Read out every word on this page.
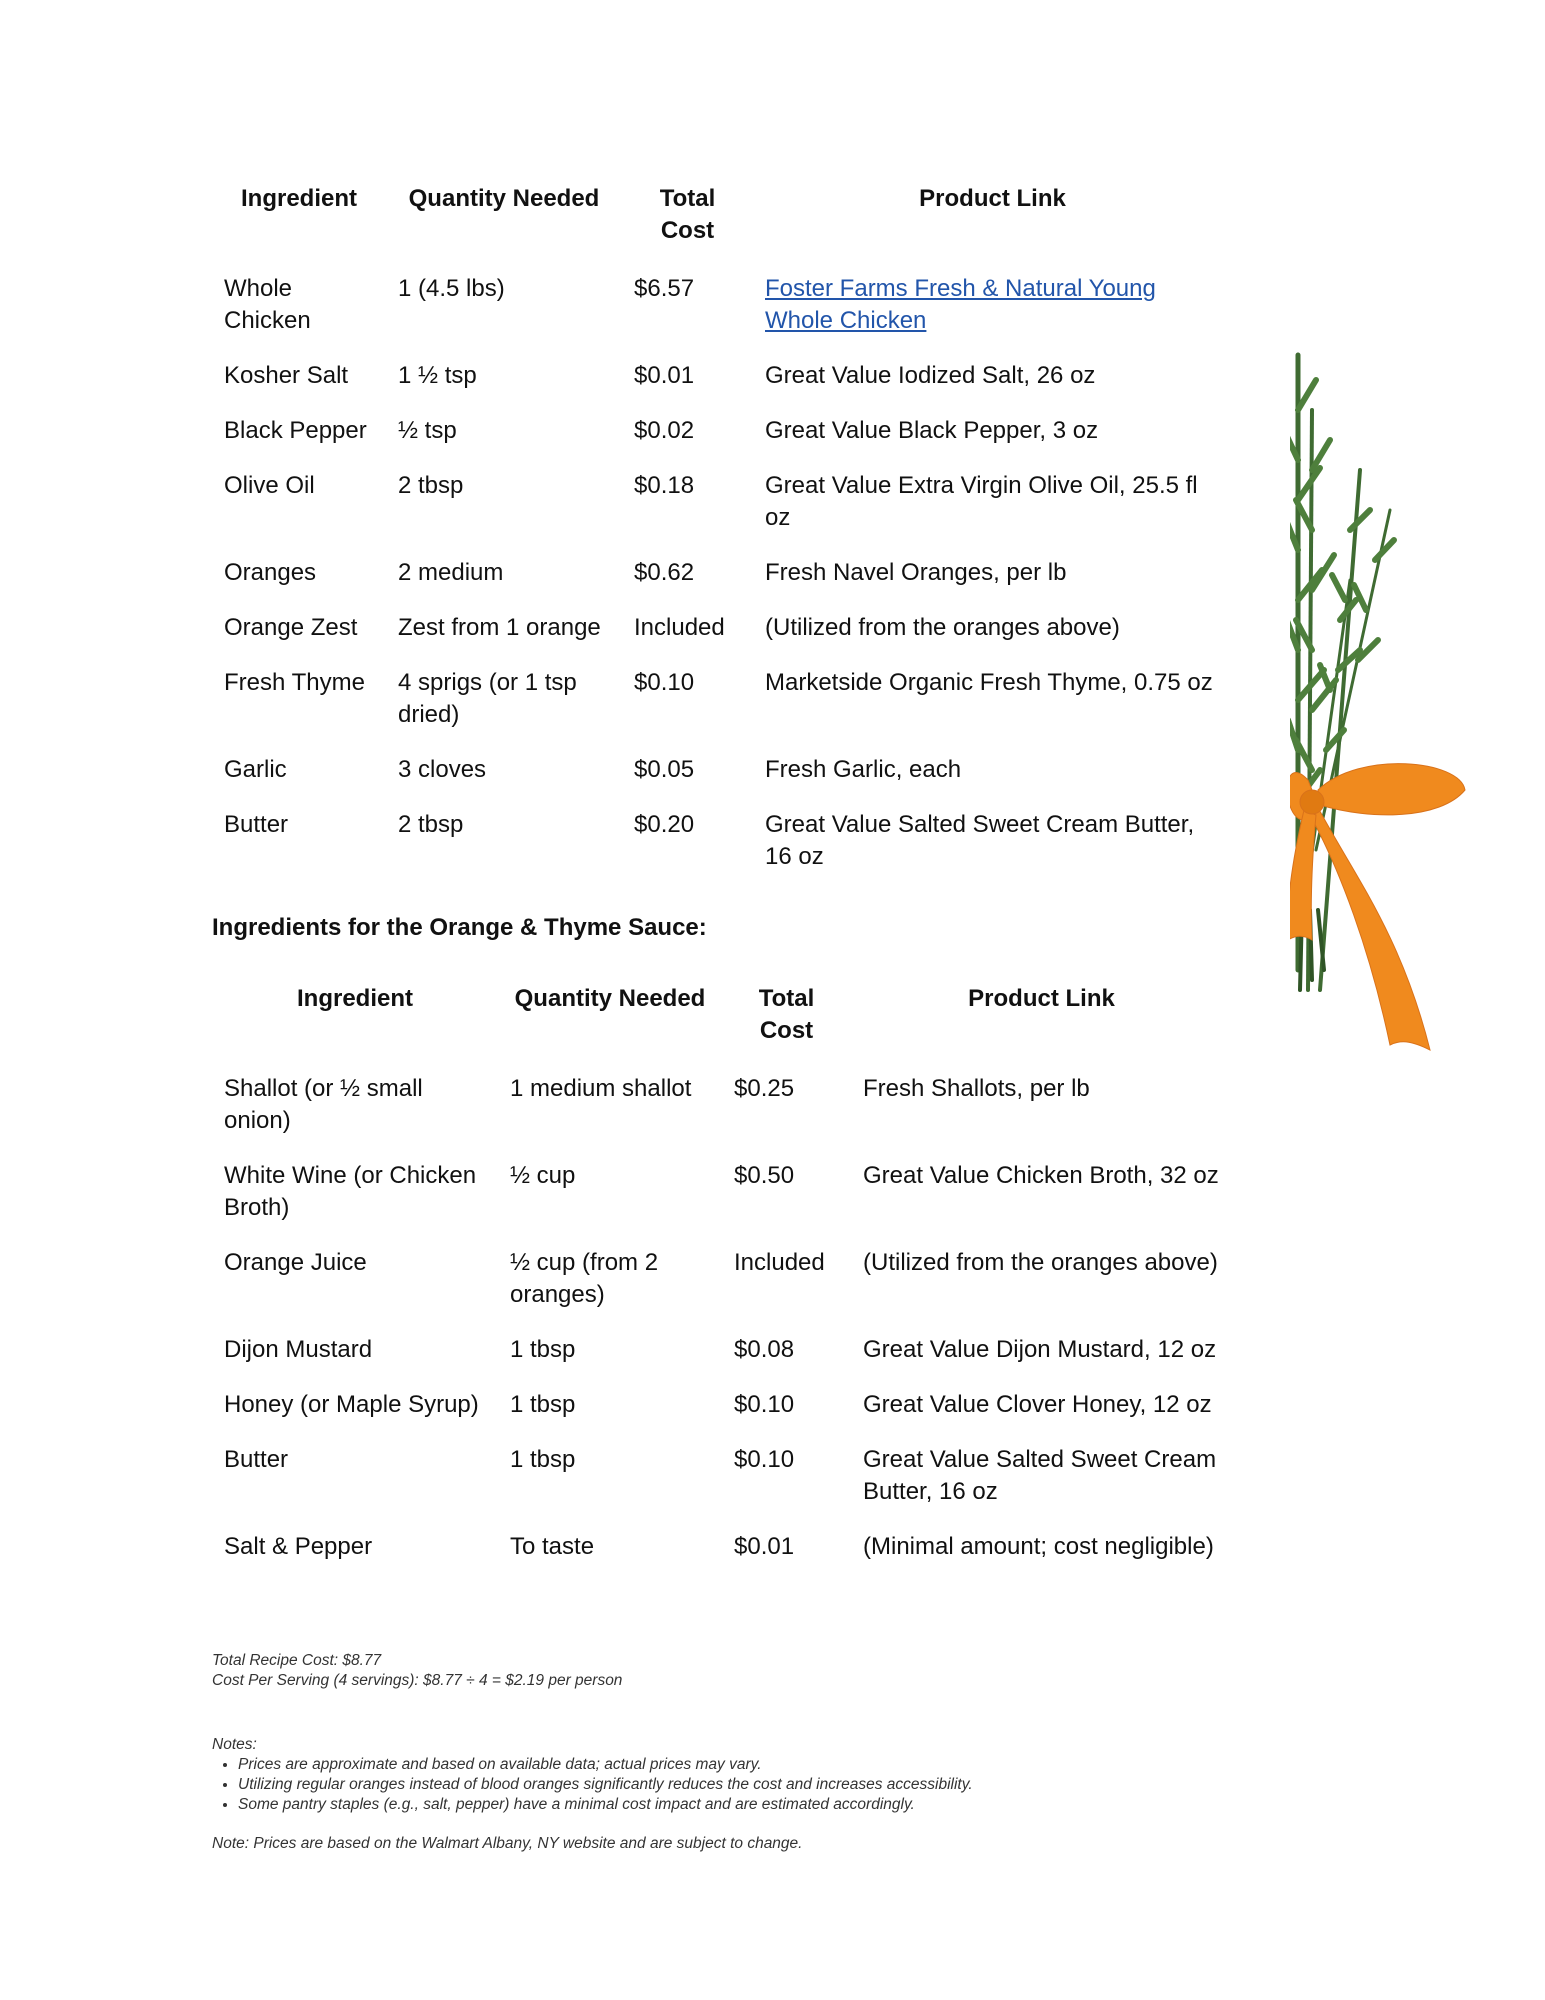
Ingredient	Quantity Needed	Total Cost	Product Link
Whole Chicken	1 (4.5 lbs)	$6.57	Foster Farms Fresh & Natural Young Whole Chicken
Kosher Salt	1 ½ tsp	$0.01	Great Value Iodized Salt, 26 oz
Black Pepper	½ tsp	$0.02	Great Value Black Pepper, 3 oz
Olive Oil	2 tbsp	$0.18	Great Value Extra Virgin Olive Oil, 25.5 fl oz
Oranges	2 medium	$0.62	Fresh Navel Oranges, per lb
Orange Zest	Zest from 1 orange	Included	(Utilized from the oranges above)
Fresh Thyme	4 sprigs (or 1 tsp dried)	$0.10	Marketside Organic Fresh Thyme, 0.75 oz
Garlic	3 cloves	$0.05	Fresh Garlic, each
Butter	2 tbsp	$0.20	Great Value Salted Sweet Cream Butter, 16 oz
Ingredients for the Orange & Thyme Sauce:
Ingredient	Quantity Needed	Total Cost	Product Link
Shallot (or ½ small onion)	1 medium shallot	$0.25	Fresh Shallots, per lb
White Wine (or Chicken Broth)	½ cup	$0.50	Great Value Chicken Broth, 32 oz
Orange Juice	½ cup (from 2 oranges)	Included	(Utilized from the oranges above)
Dijon Mustard	1 tbsp	$0.08	Great Value Dijon Mustard, 12 oz
Honey (or Maple Syrup)	1 tbsp	$0.10	Great Value Clover Honey, 12 oz
Butter	1 tbsp	$0.10	Great Value Salted Sweet Cream Butter, 16 oz
Salt & Pepper	To taste	$0.01	(Minimal amount; cost negligible)
Total Recipe Cost: $8.77
Cost Per Serving (4 servings): $8.77 ÷ 4 = $2.19 per person
Notes:
• Prices are approximate and based on available data; actual prices may vary.
• Utilizing regular oranges instead of blood oranges significantly reduces the cost and increases accessibility.
• Some pantry staples (e.g., salt, pepper) have a minimal cost impact and are estimated accordingly.
Note: Prices are based on the Walmart Albany, NY website and are subject to change.
